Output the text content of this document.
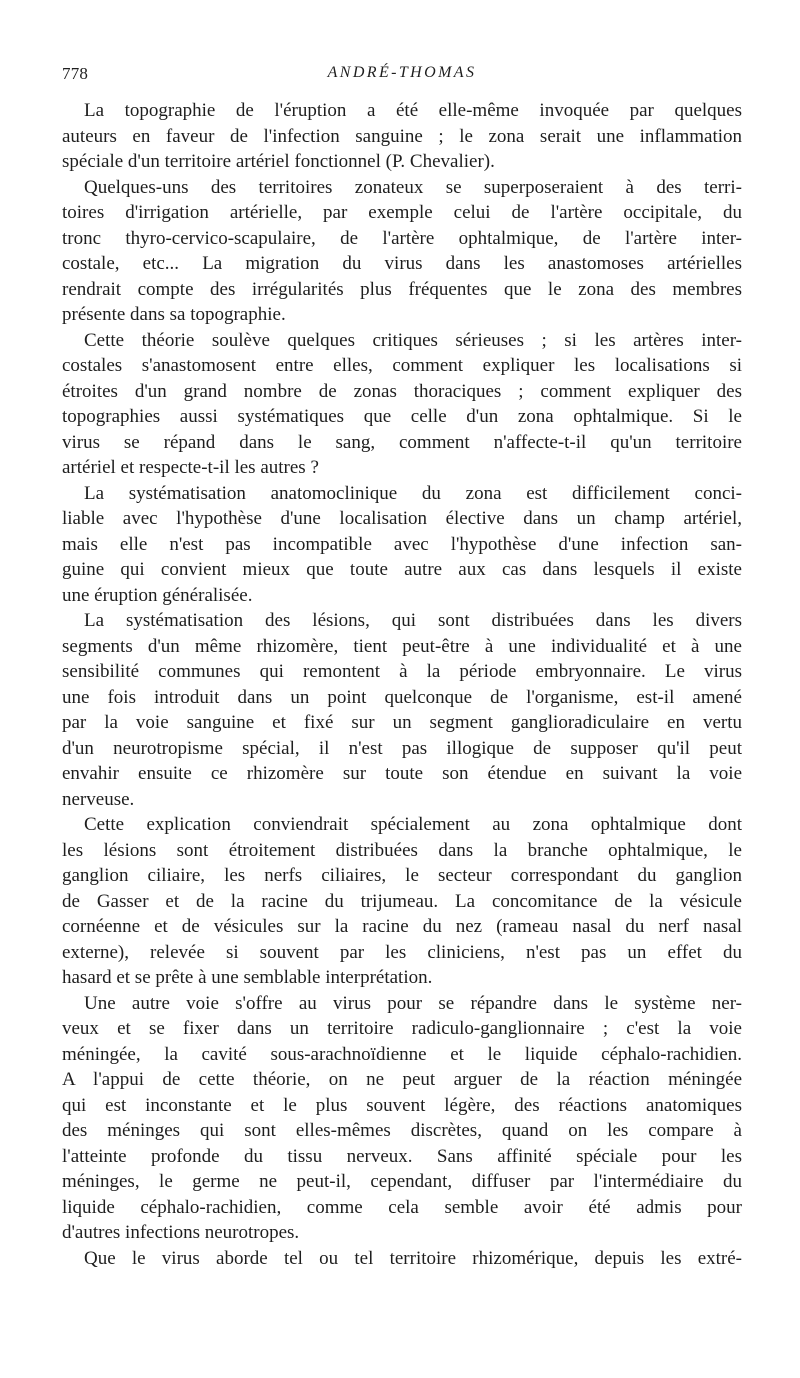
778	ANDRÉ-THOMAS
La topographie de l'éruption a été elle-même invoquée par quelques
auteurs en faveur de l'infection sanguine ; le zona serait une inflammation
spéciale d'un territoire artériel fonctionnel (P. Chevalier).
Quelques-uns des territoires zonateux se superposeraient à des terri-
toires d'irrigation artérielle, par exemple celui de l'artère occipitale, du
tronc thyro-cervico-scapulaire, de l'artère ophtalmique, de l'artère inter-
costale, etc... La migration du virus dans les anastomoses artérielles
rendrait compte des irrégularités plus fréquentes que le zona des membres
présente dans sa topographie.
Cette théorie soulève quelques critiques sérieuses ; si les artères inter-
costales s'anastomosent entre elles, comment expliquer les localisations si
étroites d'un grand nombre de zonas thoraciques ; comment expliquer des
topographies aussi systématiques que celle d'un zona ophtalmique. Si le
virus se répand dans le sang, comment n'affecte-t-il qu'un territoire
artériel et respecte-t-il les autres ?
La systématisation anatomoclinique du zona est difficilement conci-
liable avec l'hypothèse d'une localisation élective dans un champ artériel,
mais elle n'est pas incompatible avec l'hypothèse d'une infection san-
guine qui convient mieux que toute autre aux cas dans lesquels il existe
une éruption généralisée.
La systématisation des lésions, qui sont distribuées dans les divers
segments d'un même rhizomère, tient peut-être à une individualité et à une
sensibilité communes qui remontent à la période embryonnaire. Le virus
une fois introduit dans un point quelconque de l'organisme, est-il amené
par la voie sanguine et fixé sur un segment ganglioradiculaire en vertu
d'un neurotropisme spécial, il n'est pas illogique de supposer qu'il peut
envahir ensuite ce rhizomère sur toute son étendue en suivant la voie
nerveuse.
Cette explication conviendrait spécialement au zona ophtalmique dont
les lésions sont étroitement distribuées dans la branche ophtalmique, le
ganglion ciliaire, les nerfs ciliaires, le secteur correspondant du ganglion
de Gasser et de la racine du trijumeau. La concomitance de la vésicule
cornéenne et de vésicules sur la racine du nez (rameau nasal du nerf nasal
externe), relevée si souvent par les cliniciens, n'est pas un effet du
hasard et se prête à une semblable interprétation.
Une autre voie s'offre au virus pour se répandre dans le système ner-
veux et se fixer dans un territoire radiculo-ganglionnaire ; c'est la voie
méningée, la cavité sous-arachnoïdienne et le liquide céphalo-rachidien.
A l'appui de cette théorie, on ne peut arguer de la réaction méningée
qui est inconstante et le plus souvent légère, des réactions anatomiques
des méninges qui sont elles-mêmes discrètes, quand on les compare à
l'atteinte profonde du tissu nerveux. Sans affinité spéciale pour les
méninges, le germe ne peut-il, cependant, diffuser par l'intermédiaire du
liquide céphalo-rachidien, comme cela semble avoir été admis pour
d'autres infections neurotropes.
Que le virus aborde tel ou tel territoire rhizomérique, depuis les extré-
